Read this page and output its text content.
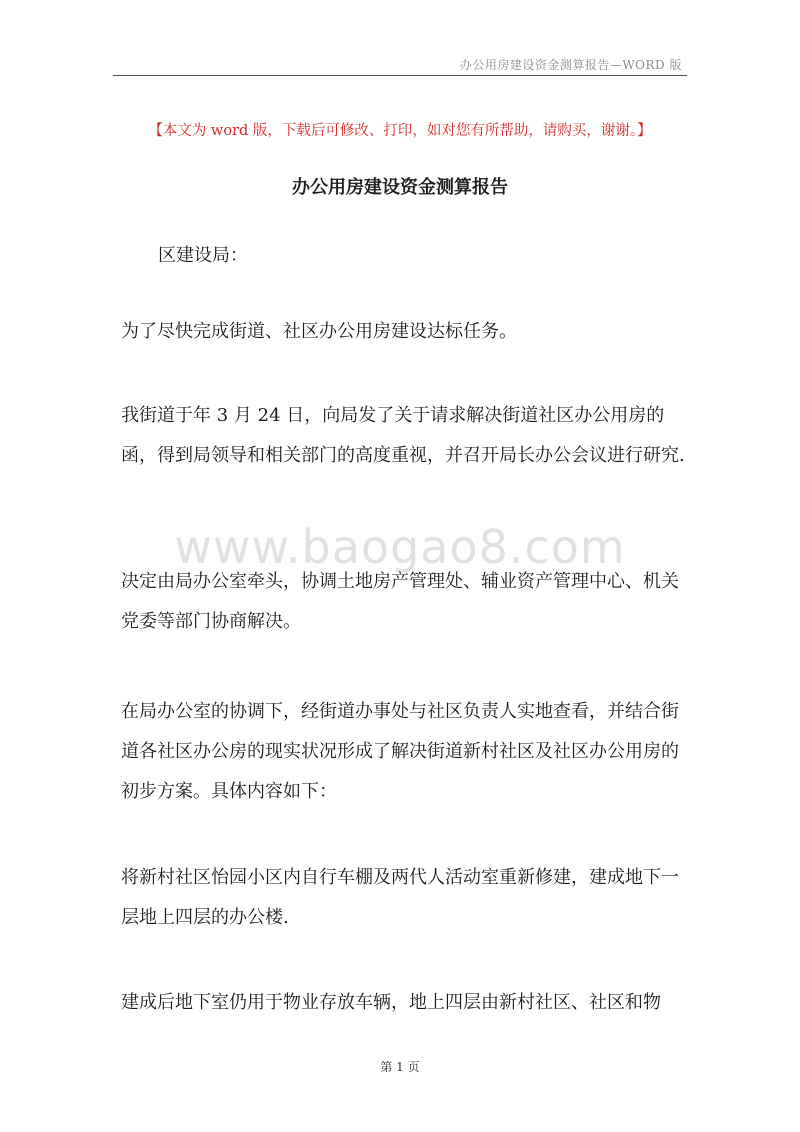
办公用房建设资金测算报告—WORD 版
【本文为 word 版，下载后可修改、打印，如对您有所帮助，请购买，谢谢。】
办公用房建设资金测算报告

区建设局：

为了尽快完成街道、社区办公用房建设达标任务。

我街道于年 3 月 24 日，向局发了关于请求解决街道社区办公用房的函，得到局领导和相关部门的高度重视，并召开局长办公会议进行研究.

决定由局办公室牵头，协调土地房产管理处、辅业资产管理中心、机关党委等部门协商解决。

在局办公室的协调下，经街道办事处与社区负责人实地查看，并结合街道各社区办公房的现实状况形成了解决街道新村社区及社区办公用房的初步方案。具体内容如下：

将新村社区怡园小区内自行车棚及两代人活动室重新修建，建成地下一层地上四层的办公楼.

建成后地下室仍用于物业存放车辆，地上四层由新村社区、社区和物

www.baogao8.com
第 1 页
